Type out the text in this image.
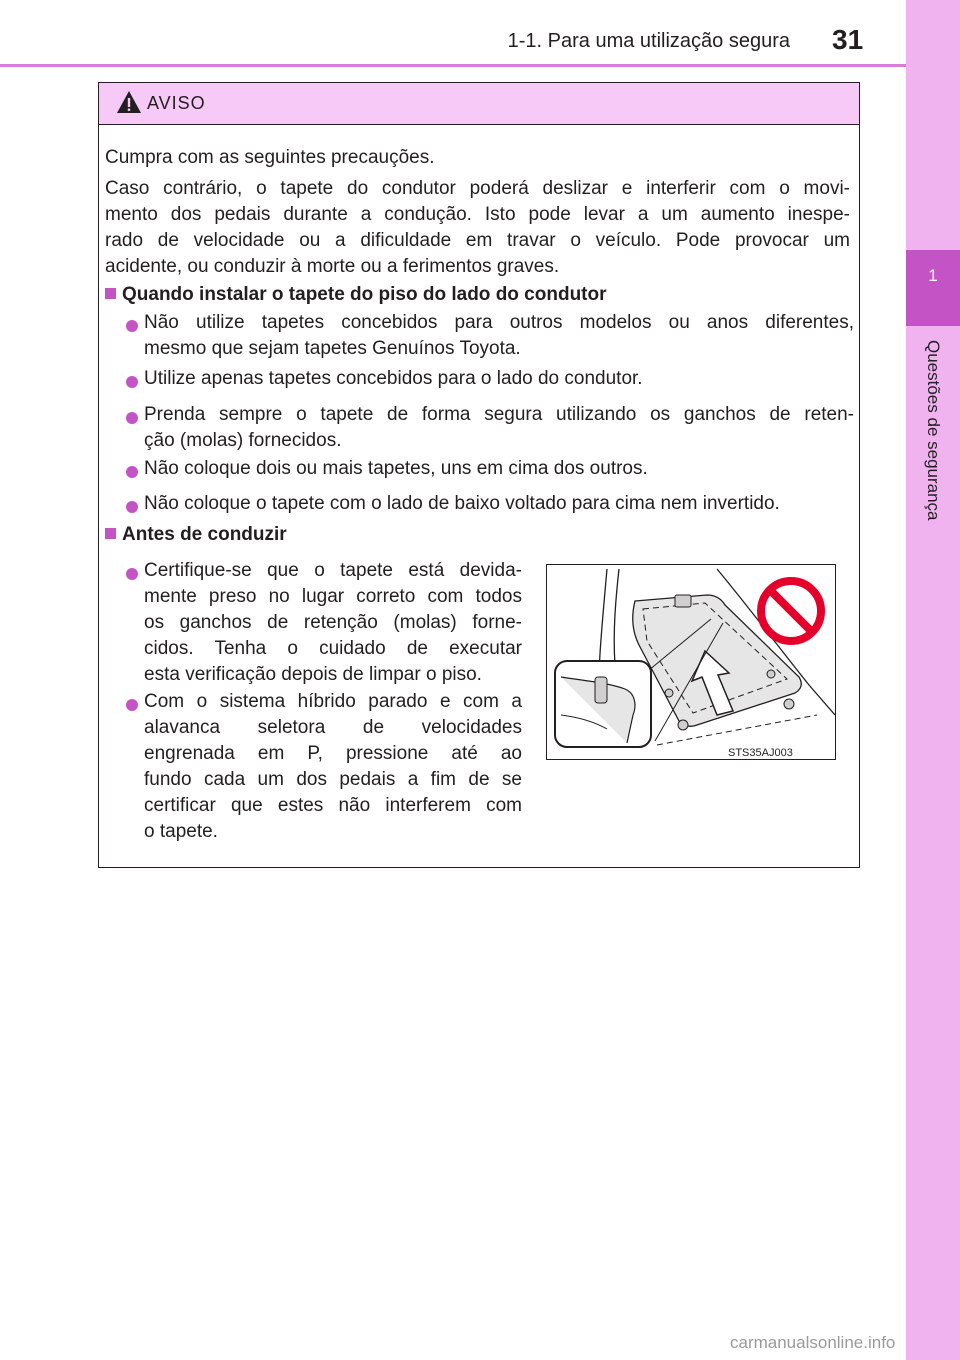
1-1. Para uma utilização segura 31
1
Questões de segurança
AVISO
Cumpra com as seguintes precauções.
Caso contrário, o tapete do condutor poderá deslizar e interferir com o movi-
mento dos pedais durante a condução. Isto pode levar a um aumento inespe-
rado de velocidade ou a dificuldade em travar o veículo. Pode provocar um
acidente, ou conduzir à morte ou a ferimentos graves.
Quando instalar o tapete do piso do lado do condutor
Não utilize tapetes concebidos para outros modelos ou anos diferentes,
mesmo que sejam tapetes Genuínos Toyota.
Utilize apenas tapetes concebidos para o lado do condutor.
Prenda sempre o tapete de forma segura utilizando os ganchos de reten-
ção (molas) fornecidos.
Não coloque dois ou mais tapetes, uns em cima dos outros.
Não coloque o tapete com o lado de baixo voltado para cima nem invertido.
Antes de conduzir
Certifique-se que o tapete está devida-
mente preso no lugar correto com todos
os ganchos de retenção (molas) forne-
cidos. Tenha o cuidado de executar
esta verificação depois de limpar o piso.
Com o sistema híbrido parado e com a
alavanca seletora de velocidades
engrenada em P, pressione até ao
fundo cada um dos pedais a fim de se
certificar que estes não interferem com
o tapete.
STS35AJ003
carmanualsonline.info
